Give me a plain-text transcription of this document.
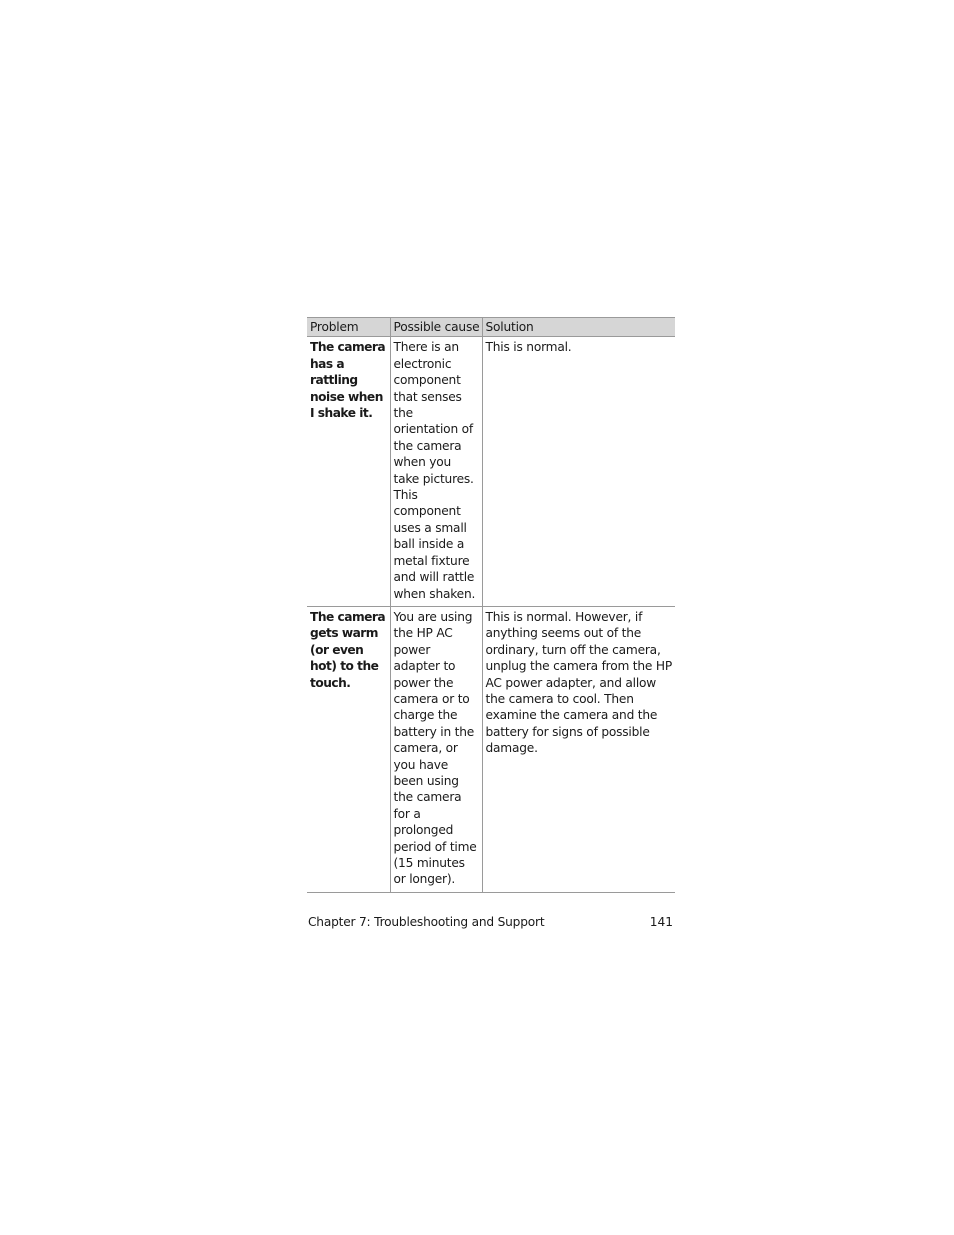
Problem	Possible cause	Solution
The camera has a rattling noise when I shake it.	There is an electronic component that senses the orientation of the camera when you take pictures. This component uses a small ball inside a metal fixture and will rattle when shaken.	This is normal.
The camera gets warm (or even hot) to the touch.	You are using the HP AC power adapter to power the camera or to charge the battery in the camera, or you have been using the camera for a prolonged period of time (15 minutes or longer).	This is normal. However, if anything seems out of the ordinary, turn off the camera, unplug the camera from the HP AC power adapter, and allow the camera to cool. Then examine the camera and the battery for signs of possible damage.
Chapter 7: Troubleshooting and Support	141
